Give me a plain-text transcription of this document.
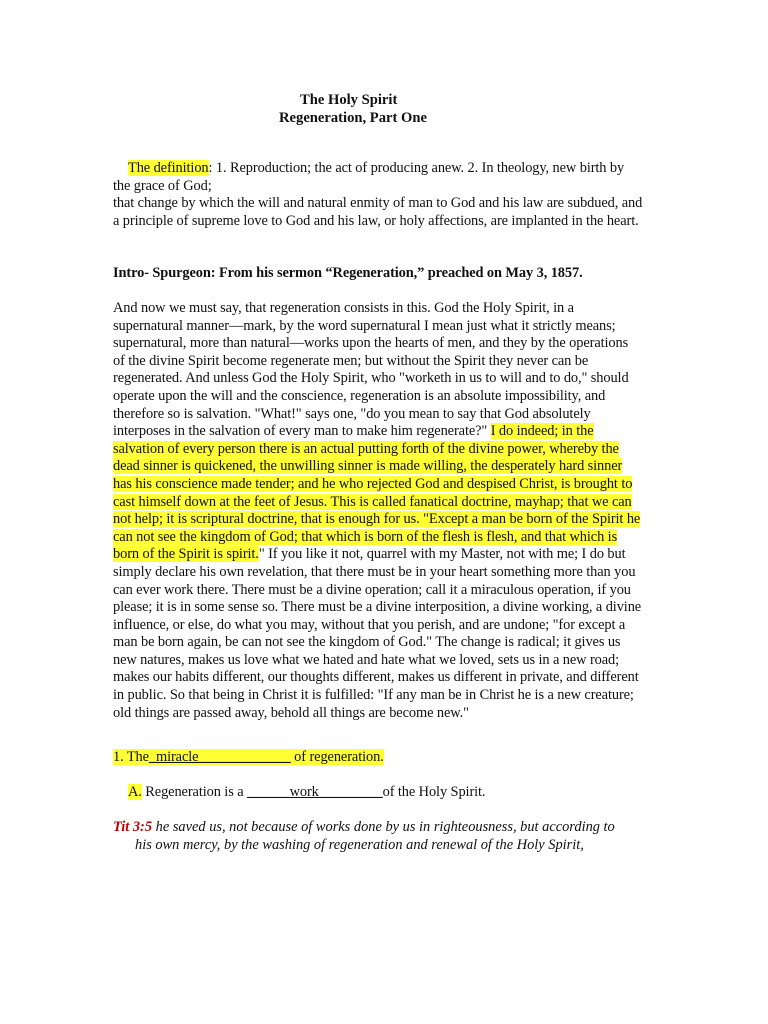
The Holy Spirit
Regeneration, Part One
The definition: 1. Reproduction; the act of producing anew. 2. In theology, new birth by the grace of God;
that change by which the will and natural enmity of man to God and his law are subdued, and a principle of supreme love to God and his law, or holy affections, are implanted in the heart.
Intro- Spurgeon: From his sermon “Regeneration,” preached on May 3, 1857.
And now we must say, that regeneration consists in this. God the Holy Spirit, in a supernatural manner—mark, by the word supernatural I mean just what it strictly means; supernatural, more than natural—works upon the hearts of men, and they by the operations of the divine Spirit become regenerate men; but without the Spirit they never can be regenerated. And unless God the Holy Spirit, who "worketh in us to will and to do," should operate upon the will and the conscience, regeneration is an absolute impossibility, and therefore so is salvation. "What!" says one, "do you mean to say that God absolutely interposes in the salvation of every man to make him regenerate?" I do indeed; in the salvation of every person there is an actual putting forth of the divine power, whereby the dead sinner is quickened, the unwilling sinner is made willing, the desperately hard sinner has his conscience made tender; and he who rejected God and despised Christ, is brought to cast himself down at the feet of Jesus. This is called fanatical doctrine, mayhap; that we can not help; it is scriptural doctrine, that is enough for us. "Except a man be born of the Spirit he can not see the kingdom of God; that which is born of the flesh is flesh, and that which is born of the Spirit is spirit." If you like it not, quarrel with my Master, not with me; I do but simply declare his own revelation, that there must be in your heart something more than you can ever work there. There must be a divine operation; call it a miraculous operation, if you please; it is in some sense so. There must be a divine interposition, a divine working, a divine influence, or else, do what you may, without that you perish, and are undone; "for except a man be born again, be can not see the kingdom of God." The change is radical; it gives us new natures, makes us love what we hated and hate what we loved, sets us in a new road; makes our habits different, our thoughts different, makes us different in private, and different in public. So that being in Christ it is fulfilled: "If any man be in Christ he is a new creature; old things are passed away, behold all things are become new."
1. The_miracle_____________ of regeneration.
A. Regeneration is a ______work_________of the Holy Spirit.
Tit 3:5 he saved us, not because of works done by us in righteousness, but according to
his own mercy, by the washing of regeneration and renewal of the Holy Spirit,
